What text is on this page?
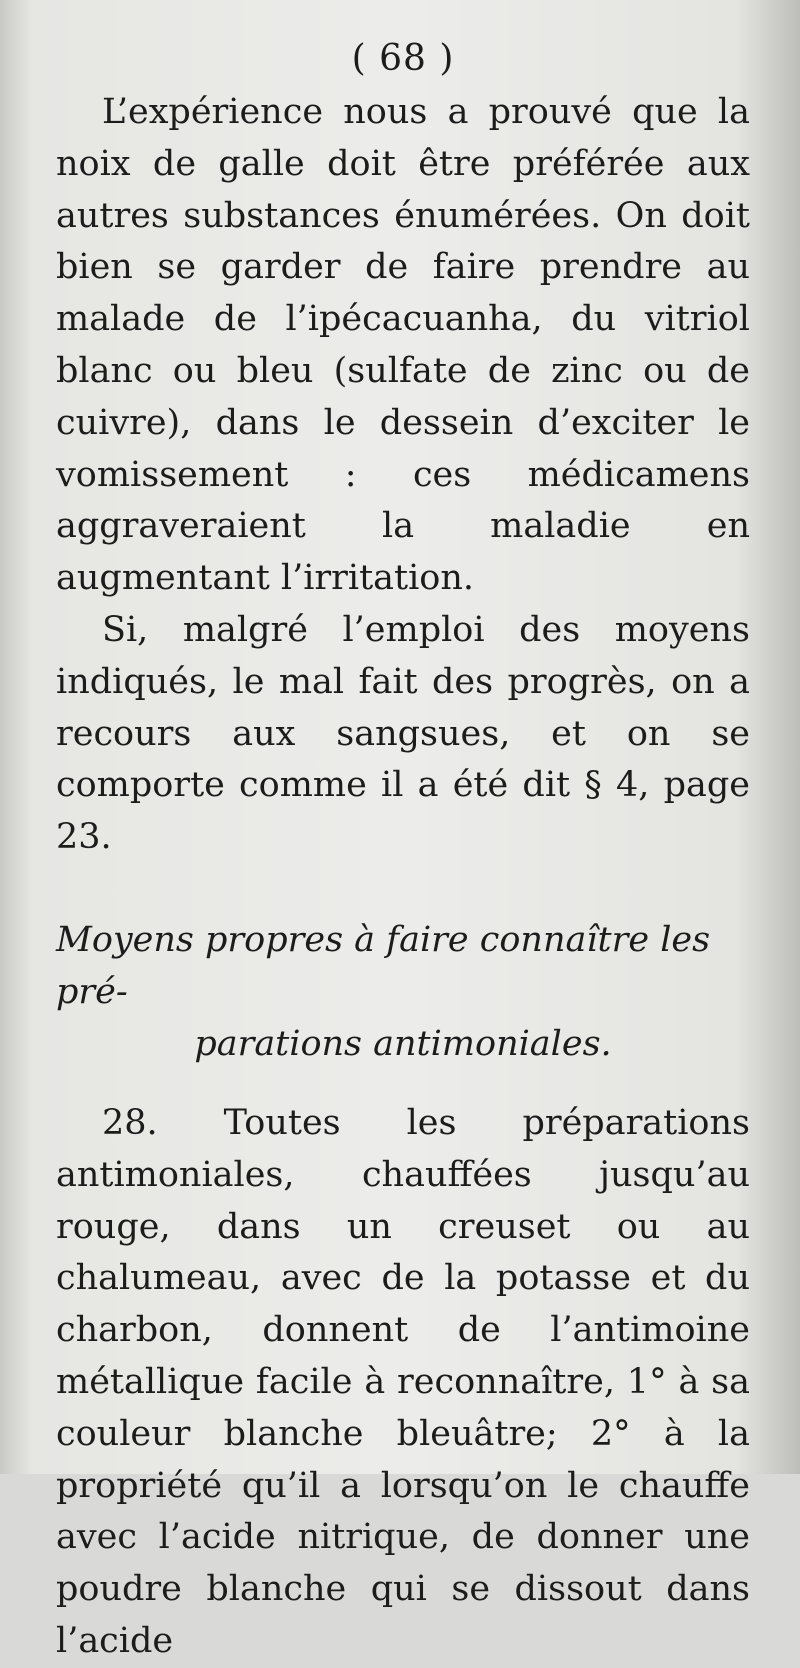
( 68 )

L’expérience nous a prouvé que la noix de galle doit être préférée aux autres substances énumérées. On doit bien se garder de faire prendre au malade de l’ipécacuanha, du vitriol blanc ou bleu (sulfate de zinc ou de cuivre), dans le dessein d’exciter le vomissement : ces médicamens aggraveraient la maladie en augmentant l’irritation.

Si, malgré l’emploi des moyens indiqués, le mal fait des progrès, on a recours aux sangsues, et on se comporte comme il a été dit § 4, page 23.

Moyens propres à faire connaître les pré-
parations antimoniales.

28. Toutes les préparations antimoniales, chauffées jusqu’au rouge, dans un creuset ou au chalumeau, avec de la potasse et du charbon, donnent de l’antimoine métallique facile à reconnaître, 1° à sa couleur blanche bleuâtre; 2° à la propriété qu’il a lorsqu’on le chauffe avec l’acide nitrique, de donner une poudre blanche qui se dissout dans l’acide
